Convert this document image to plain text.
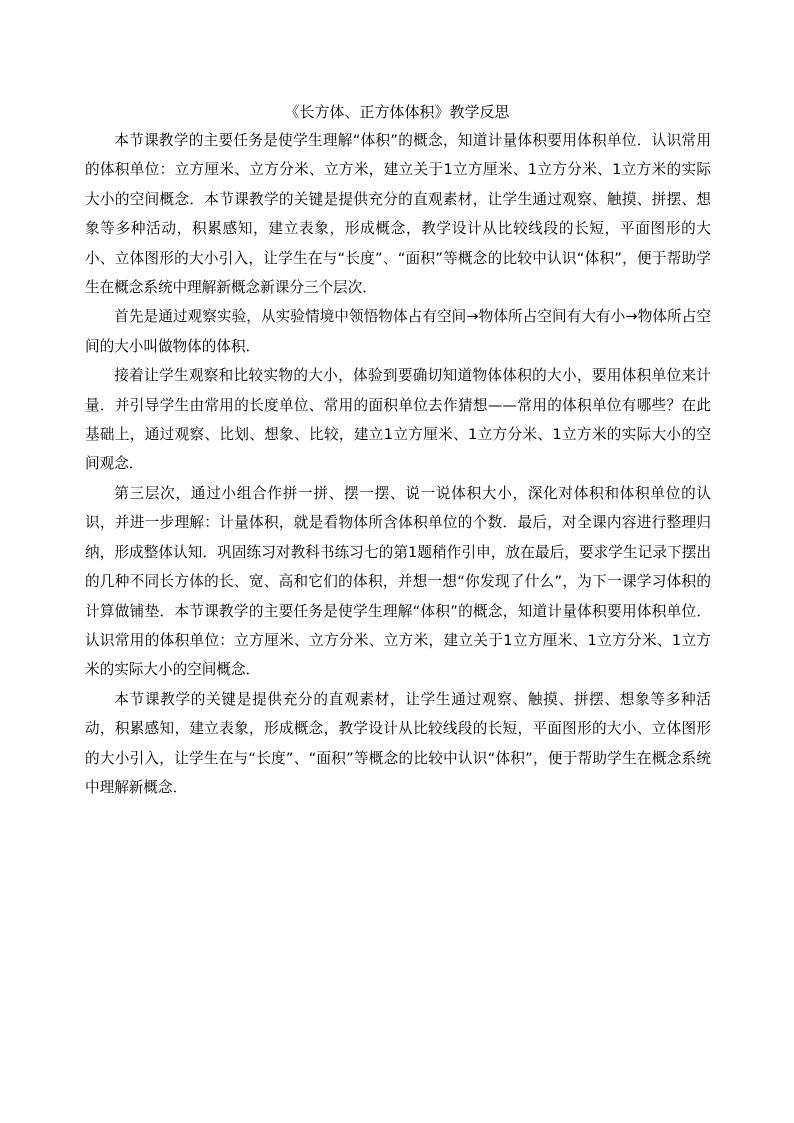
《长方体、正方体体积》教学反思

本节课教学的主要任务是使学生理解“体积”的概念，知道计量体积要用体积单位．认识常用的体积单位：立方厘米、立方分米、立方米，建立关于1立方厘米、1立方分米、1立方米的实际大小的空间概念．本节课教学的关键是提供充分的直观素材，让学生通过观察、触摸、拼摆、想象等多种活动，积累感知，建立表象，形成概念，教学设计从比较线段的长短，平面图形的大小、立体图形的大小引入，让学生在与“长度”、“面积”等概念的比较中认识“体积”，便于帮助学生在概念系统中理解新概念新课分三个层次．

首先是通过观察实验，从实验情境中领悟物体占有空间→物体所占空间有大有小→物体所占空间的大小叫做物体的体积．

接着让学生观察和比较实物的大小，体验到要确切知道物体体积的大小，要用体积单位来计量．并引导学生由常用的长度单位、常用的面积单位去作猜想——常用的体积单位有哪些？在此基础上，通过观察、比划、想象、比较，建立1立方厘米、1立方分米、1立方米的实际大小的空间观念．

第三层次，通过小组合作拼一拼、摆一摆、说一说体积大小，深化对体积和体积单位的认识，并进一步理解：计量体积，就是看物体所含体积单位的个数．最后，对全课内容进行整理归纳，形成整体认知．巩固练习对教科书练习七的第1题稍作引申，放在最后，要求学生记录下摆出的几种不同长方体的长、宽、高和它们的体积，并想一想“你发现了什么”，为下一课学习体积的计算做铺垫．本节课教学的主要任务是使学生理解“体积”的概念，知道计量体积要用体积单位．认识常用的体积单位：立方厘米、立方分米、立方米，建立关于1立方厘米、1立方分米、1立方米的实际大小的空间概念．

本节课教学的关键是提供充分的直观素材，让学生通过观察、触摸、拼摆、想象等多种活动，积累感知，建立表象，形成概念，教学设计从比较线段的长短，平面图形的大小、立体图形的大小引入，让学生在与“长度”、“面积”等概念的比较中认识“体积”，便于帮助学生在概念系统中理解新概念．
